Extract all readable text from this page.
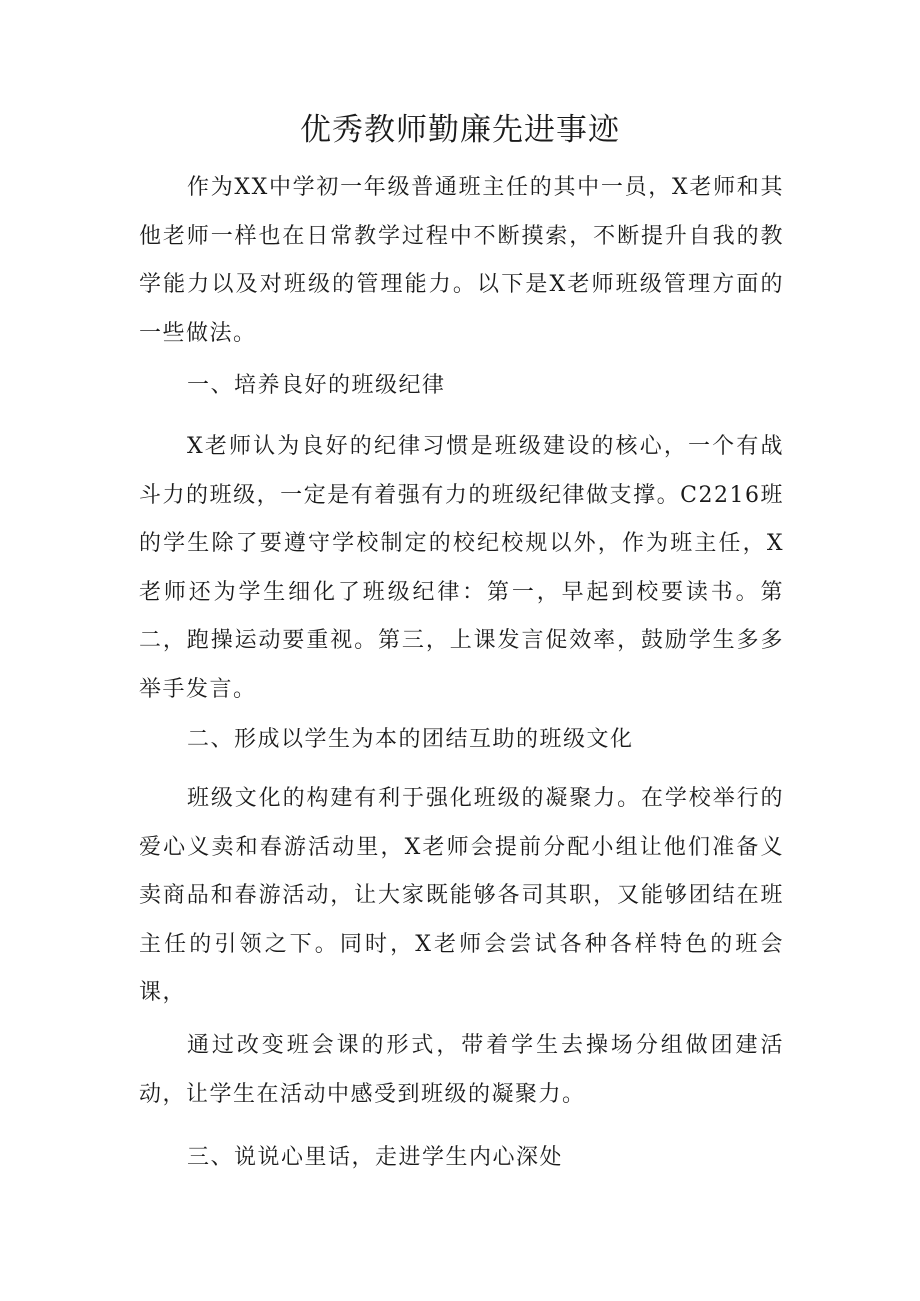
优秀教师勤廉先进事迹

作为XX中学初一年级普通班主任的其中一员，X老师和其他老师一样也在日常教学过程中不断摸索，不断提升自我的教学能力以及对班级的管理能力。以下是X老师班级管理方面的一些做法。

一、培养良好的班级纪律

X老师认为良好的纪律习惯是班级建设的核心，一个有战斗力的班级，一定是有着强有力的班级纪律做支撑。C2216班的学生除了要遵守学校制定的校纪校规以外，作为班主任，X老师还为学生细化了班级纪律：第一，早起到校要读书。第二，跑操运动要重视。第三，上课发言促效率，鼓励学生多多举手发言。

二、形成以学生为本的团结互助的班级文化

班级文化的构建有利于强化班级的凝聚力。在学校举行的爱心义卖和春游活动里，X老师会提前分配小组让他们准备义卖商品和春游活动，让大家既能够各司其职，又能够团结在班主任的引领之下。同时，X老师会尝试各种各样特色的班会课，

通过改变班会课的形式，带着学生去操场分组做团建活动，让学生在活动中感受到班级的凝聚力。

三、说说心里话，走进学生内心深处
